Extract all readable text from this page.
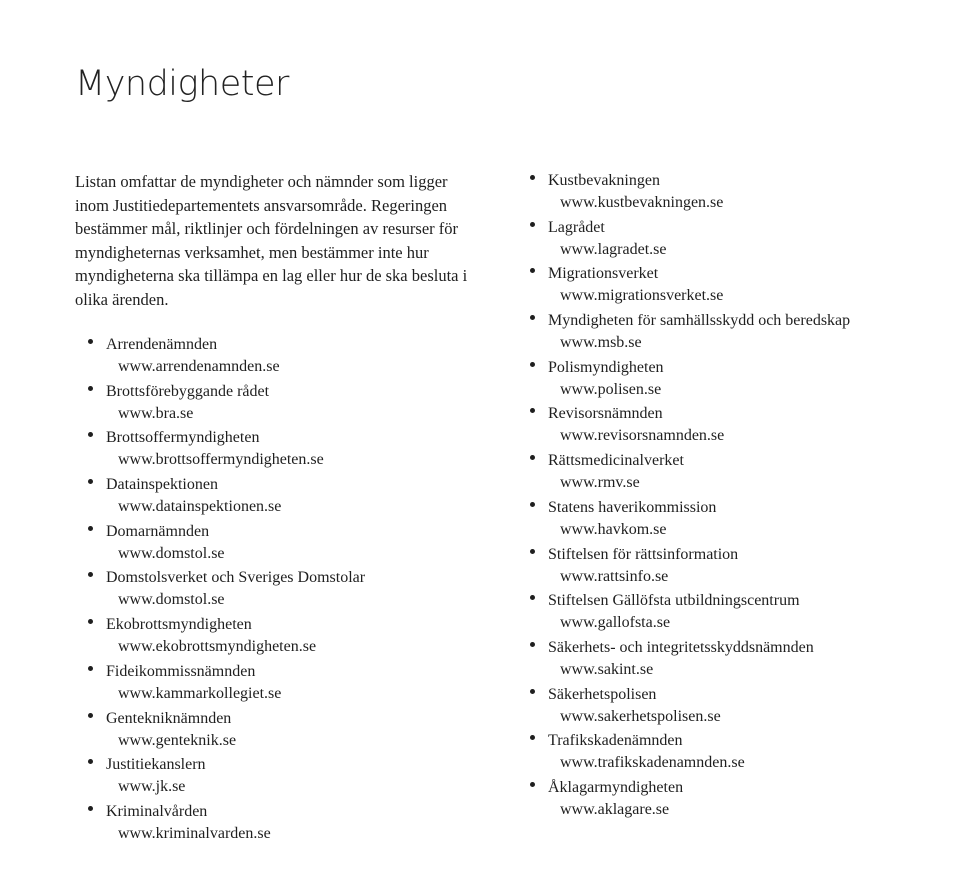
Myndigheter

Listan omfattar de myndigheter och nämnder som ligger inom Justitiedepartementets ansvarsområde. Regeringen bestämmer mål, riktlinjer och fördelningen av resurser för myndigheternas verksamhet, men bestämmer inte hur myndigheterna ska tillämpa en lag eller hur de ska besluta i olika ärenden.

Arrendenämnden
www.arrendenamnden.se
Brottsförebyggande rådet
www.bra.se
Brottsoffermyndigheten
www.brottsoffermyndigheten.se
Datainspektionen
www.datainspektionen.se
Domarnämnden
www.domstol.se
Domstolsverket och Sveriges Domstolar
www.domstol.se
Ekobrottsmyndigheten
www.ekobrottsmyndigheten.se
Fideikommissnämnden
www.kammarkollegiet.se
Gentekniknämnden
www.genteknik.se
Justitiekanslern
www.jk.se
Kriminalvården
www.kriminalvarden.se
Kustbevakningen
www.kustbevakningen.se
Lagrådet
www.lagradet.se
Migrationsverket
www.migrationsverket.se
Myndigheten för samhällsskydd och beredskap
www.msb.se
Polismyndigheten
www.polisen.se
Revisorsnämnden
www.revisorsnamnden.se
Rättsmedicinalverket
www.rmv.se
Statens haverikommission
www.havkom.se
Stiftelsen för rättsinformation
www.rattsinfo.se
Stiftelsen Gällöfsta utbildningscentrum
www.gallofsta.se
Säkerhets- och integritetsskyddsnämnden
www.sakint.se
Säkerhetspolisen
www.sakerhetspolisen.se
Trafikskadenämnden
www.trafikskadenamnden.se
Åklagarmyndigheten
www.aklagare.se
